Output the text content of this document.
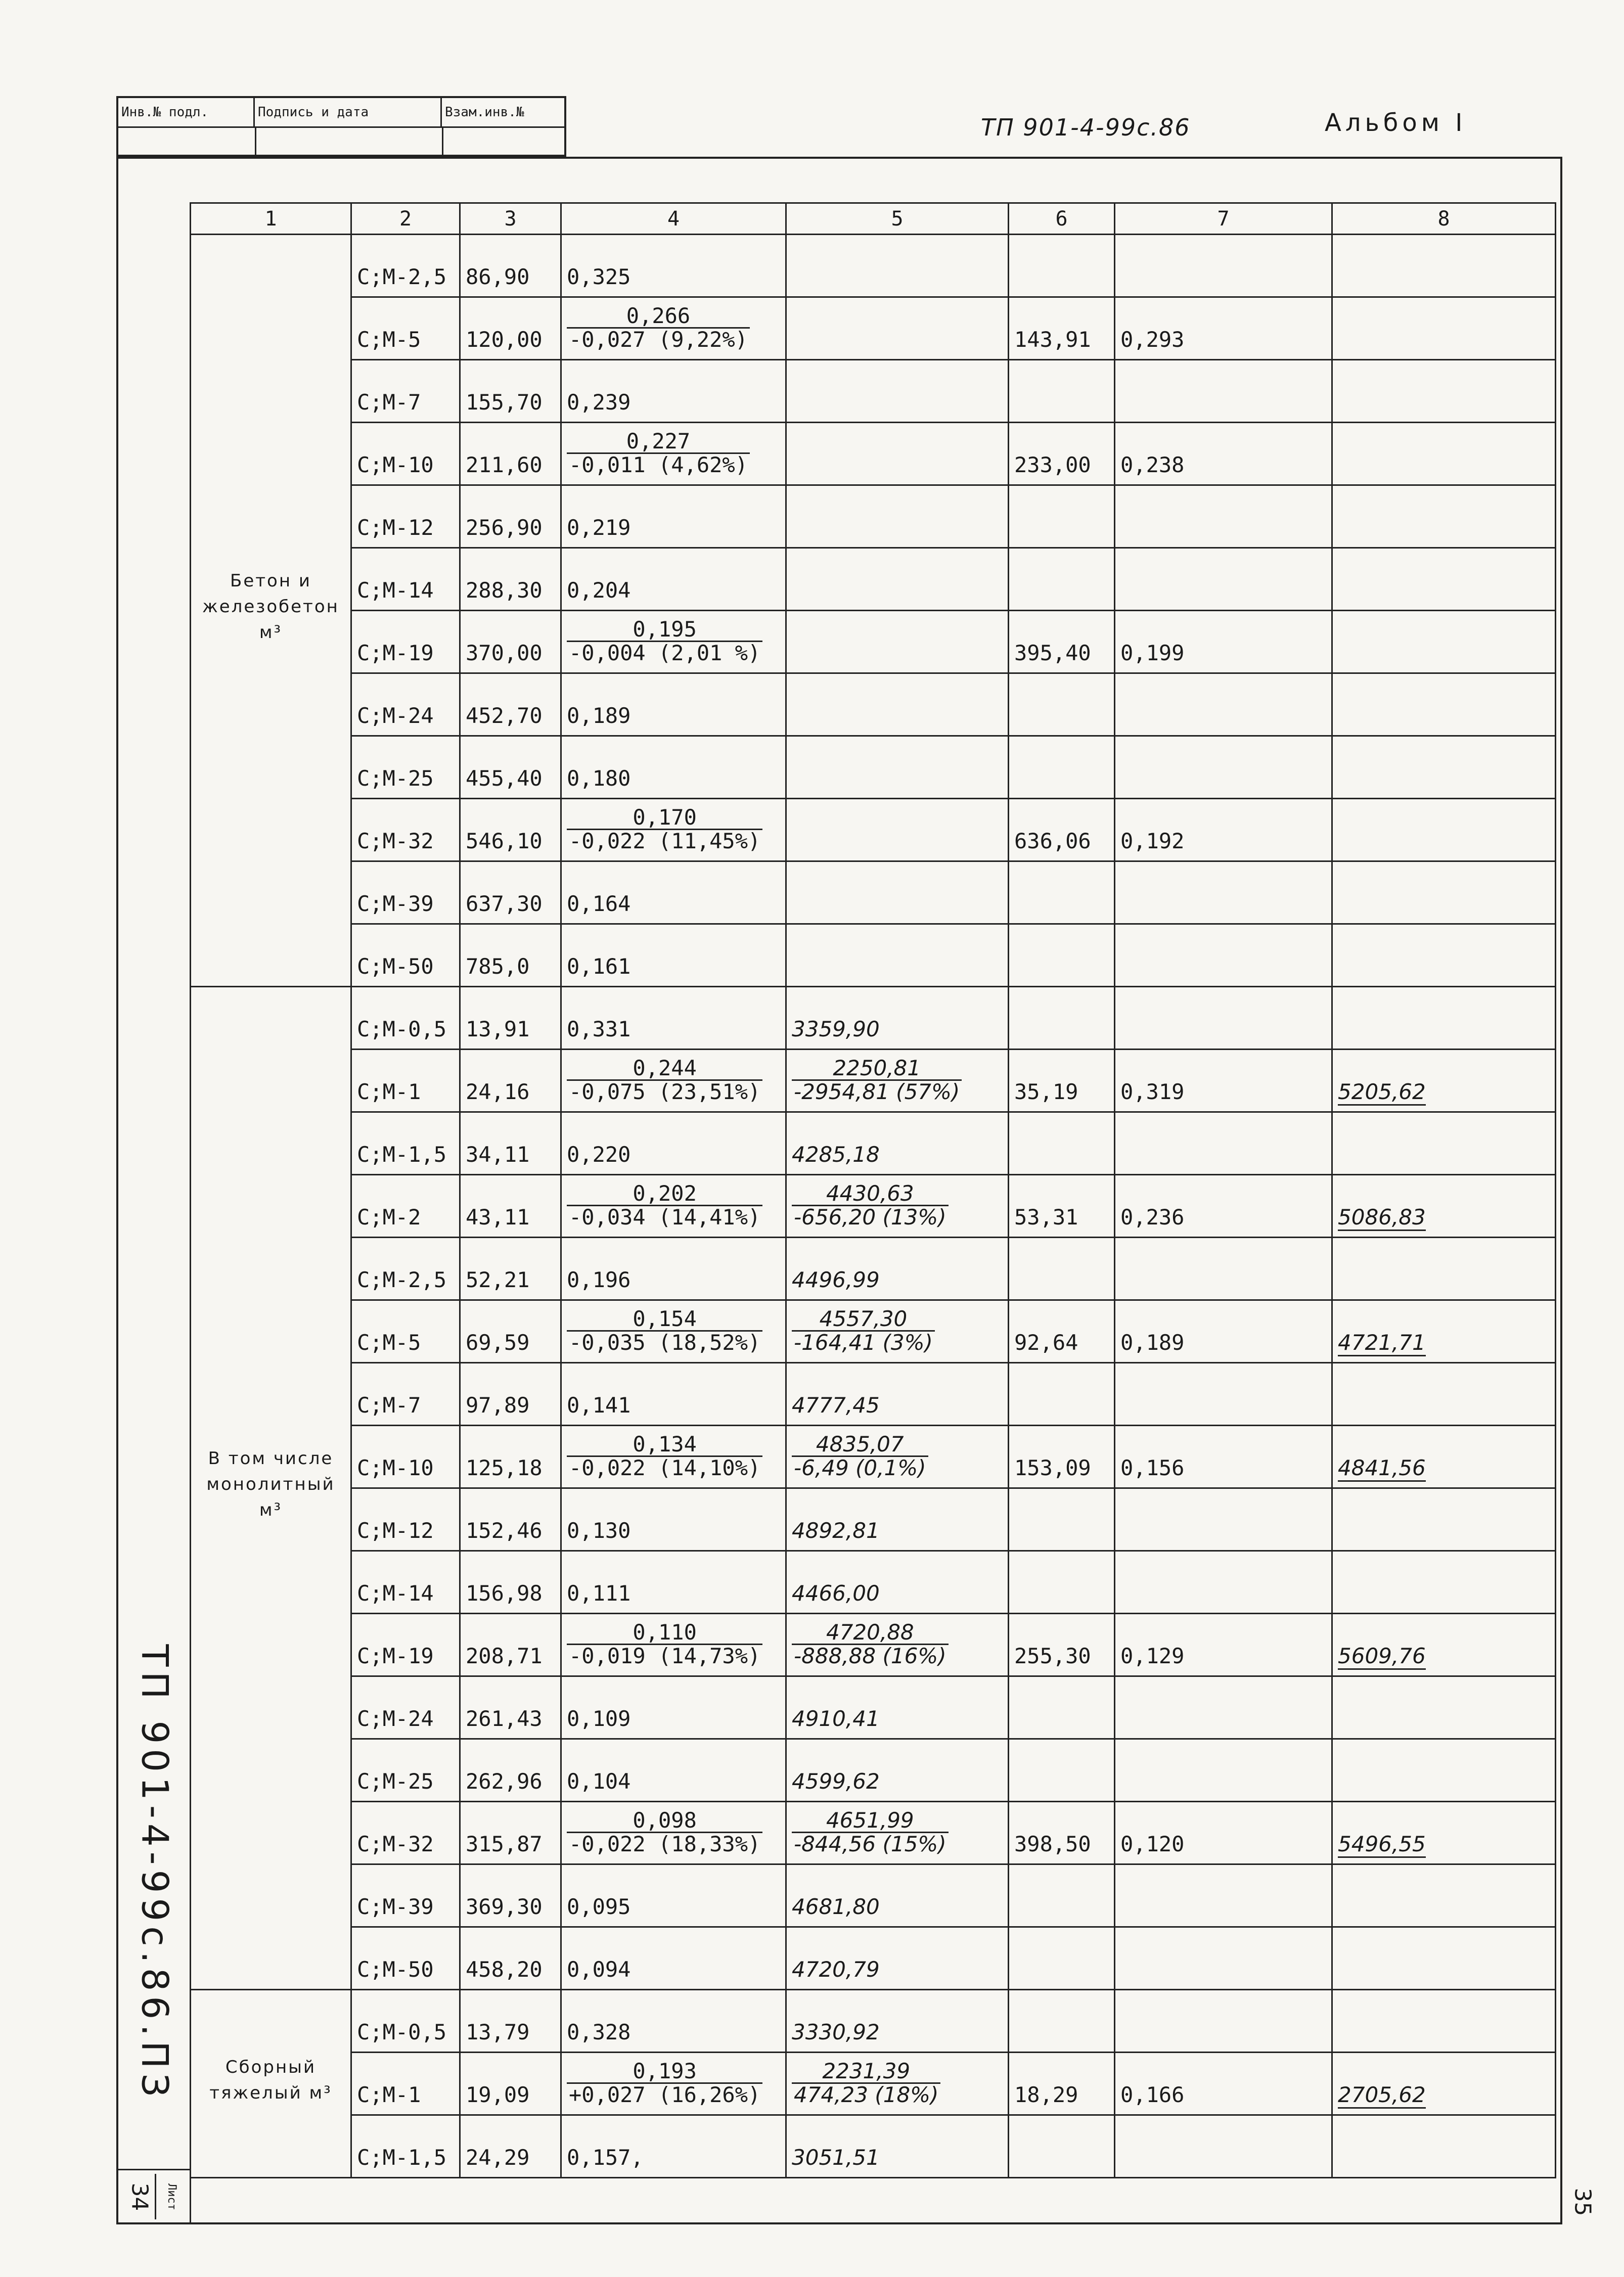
Инв.№ подл.	Подпись и дата	Взам.инв.№
ТП 901-4-99с.86	Альбом I
ТП 901-4-99с.86.ПЗ
34 Лист	35
1	2	3	4	5	6	7	8
Бетон и железобетон м³	C;M-2,5	86,90	0,325				
	C;M-5	120,00	$\frac{0,266}{-0,027 (9,22\%)}$		143,91	0,293	
	C;M-7	155,70	0,239				
	C;M-10	211,60	$\frac{0,227}{-0,011 (4,62\%)}$		233,00	0,238	
	C;M-12	256,90	0,219				
	C;M-14	288,30	0,204				
	C;M-19	370,00	$\frac{0,195}{-0,004 (2,01 \%)}$		395,40	0,199	
	C;M-24	452,70	0,189				
	C;M-25	455,40	0,180				
	C;M-32	546,10	$\frac{0,170}{-0,022 (11,45\%)}$		636,06	0,192	
	C;M-39	637,30	0,164				
	C;M-50	785,0	0,161				
В том числе монолитный м³	C;M-0,5	13,91	0,331	3359,90			
	C;M-1	24,16	$\frac{0,244}{-0,075 (23,51\%)}$	$\frac{2250,81}{-2954,81 (57\%)}$	35,19	0,319	5205,62
	C;M-1,5	34,11	0,220	4285,18			
	C;M-2	43,11	$\frac{0,202}{-0,034 (14,41\%)}$	$\frac{4430,63}{-656,20 (13\%)}$	53,31	0,236	5086,83
	C;M-2,5	52,21	0,196	4496,99			
	C;M-5	69,59	$\frac{0,154}{-0,035 (18,52\%)}$	$\frac{4557,30}{-164,41 (3\%)}$	92,64	0,189	4721,71
	C;M-7	97,89	0,141	4777,45			
	C;M-10	125,18	$\frac{0,134}{-0,022 (14,10\%)}$	$\frac{4835,07}{-6,49 (0,1\%)}$	153,09	0,156	4841,56
	C;M-12	152,46	0,130	4892,81			
	C;M-14	156,98	0,111	4466,00			
	C;M-19	208,71	$\frac{0,110}{-0,019 (14,73\%)}$	$\frac{4720,88}{-888,88 (16\%)}$	255,30	0,129	5609,76
	C;M-24	261,43	0,109	4910,41			
	C;M-25	262,96	0,104	4599,62			
	C;M-32	315,87	$\frac{0,098}{-0,022 (18,33\%)}$	$\frac{4651,99}{-844,56 (15\%)}$	398,50	0,120	5496,55
	C;M-39	369,30	0,095	4681,80			
	C;M-50	458,20	0,094	4720,79			
Сборный тяжелый м³	C;M-0,5	13,79	0,328	3330,92			
	C;M-1	19,09	$\frac{0,193}{+0,027 (16,26\%)}$	$\frac{2231,39}{474,23 (18\%)}$	18,29	0,166	2705,62
	C;M-1,5	24,29	0,157,	3051,51			
